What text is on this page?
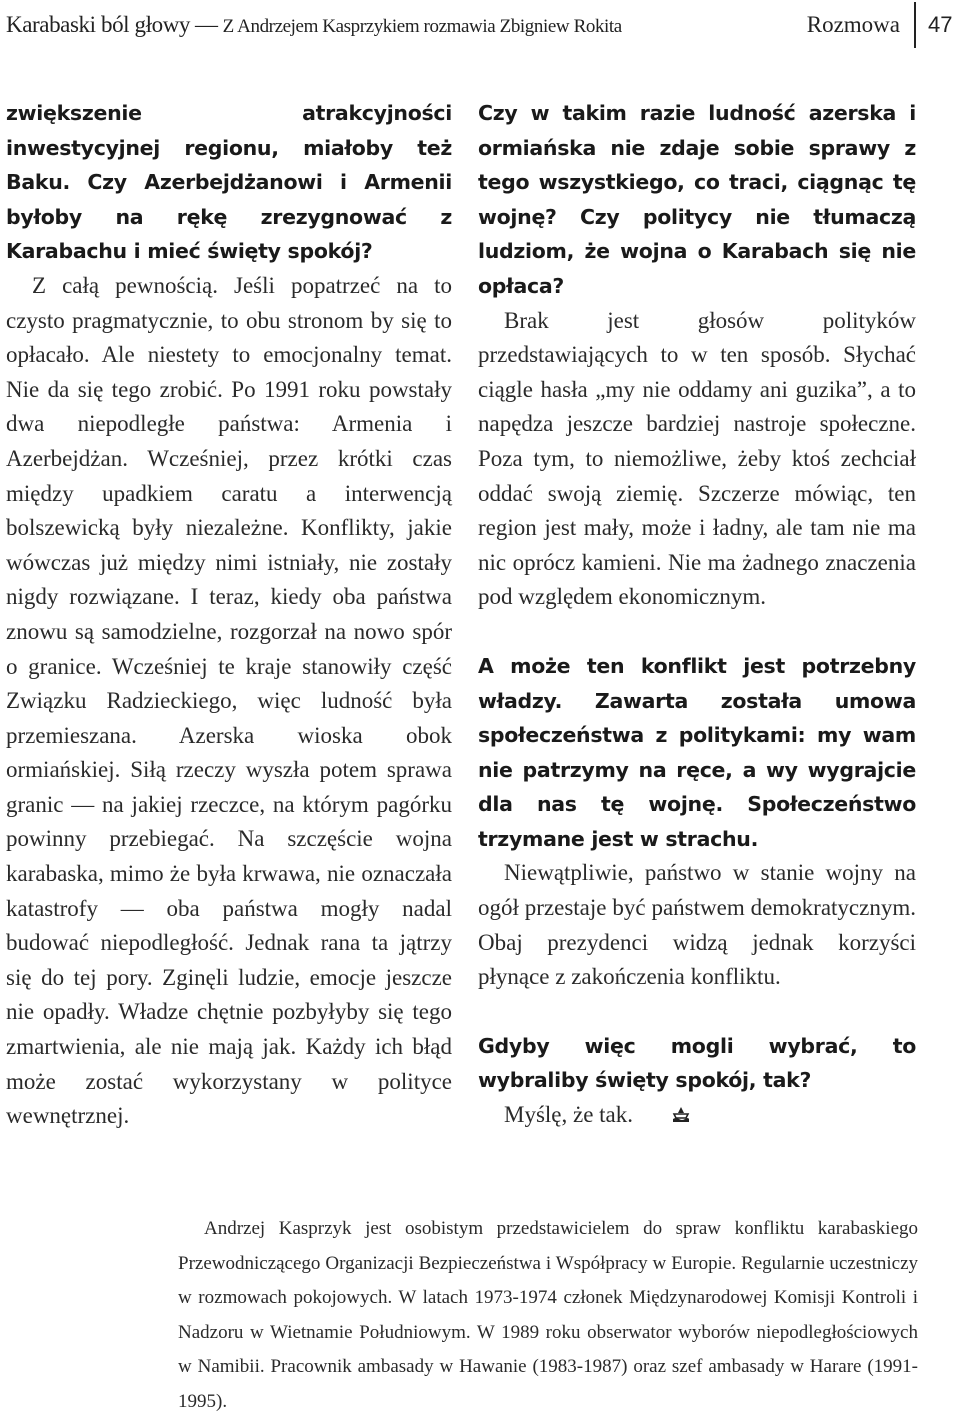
Karabaski ból głowy — Z Andrzejem Kasprzykiem rozmawia Zbigniew Rokita	Rozmowa 47

zwiększenie atrakcyjności inwestycyjnej regionu, miałoby też Baku. Czy Azerbejdżanowi i Armenii byłoby na rękę zrezygnować z Karabachu i mieć święty spokój?

Z całą pewnością. Jeśli popatrzeć na to czysto pragmatycznie, to obu stronom by się to opłacało. Ale niestety to emocjonalny temat. Nie da się tego zrobić. Po 1991 roku powstały dwa niepodległe państwa: Armenia i Azerbejdżan. Wcześniej, przez krótki czas między upadkiem caratu a interwencją bolszewicką były niezależne. Konflikty, jakie wówczas już między nimi istniały, nie zostały nigdy rozwiązane. I teraz, kiedy oba państwa znowu są samodzielne, rozgorzał na nowo spór o granice. Wcześniej te kraje stanowiły część Związku Radzieckiego, więc ludność była przemieszana. Azerska wioska obok ormiańskiej. Siłą rzeczy wyszła potem sprawa granic — na jakiej rzeczce, na którym pagórku powinny przebiegać. Na szczęście wojna karabaska, mimo że była krwawa, nie oznaczała katastrofy — oba państwa mogły nadal budować niepodległość. Jednak rana ta jątrzy się do tej pory. Zginęli ludzie, emocje jeszcze nie opadły. Władze chętnie pozbyłyby się tego zmartwienia, ale nie mają jak. Każdy ich błąd może zostać wykorzystany w polityce wewnętrznej.

Czy w takim razie ludność azerska i ormiańska nie zdaje sobie sprawy z tego wszystkiego, co traci, ciągnąc tę wojnę? Czy politycy nie tłumaczą ludziom, że wojna o Karabach się nie opłaca?

Brak jest głosów polityków przedstawiających to w ten sposób. Słychać ciągle hasła „my nie oddamy ani guzika”, a to napędza jeszcze bardziej nastroje społeczne. Poza tym, to niemożliwe, żeby ktoś zechciał oddać swoją ziemię. Szczerze mówiąc, ten region jest mały, może i ładny, ale tam nie ma nic oprócz kamieni. Nie ma żadnego znaczenia pod względem ekonomicznym.

A może ten konflikt jest potrzebny władzy. Zawarta została umowa społeczeństwa z politykami: my wam nie patrzymy na ręce, a wy wygrajcie dla nas tę wojnę. Społeczeństwo trzymane jest w strachu.

Niewątpliwie, państwo w stanie wojny na ogół przestaje być państwem demokratycznym. Obaj prezydenci widzą jednak korzyści płynące z zakończenia konfliktu.

Gdyby więc mogli wybrać, to wybraliby święty spokój, tak?

Myślę, że tak.

Andrzej Kasprzyk jest osobistym przedstawicielem do spraw konfliktu karabaskiego Przewodniczącego Organizacji Bezpieczeństwa i Współpracy w Europie. Regularnie uczestniczy w rozmowach pokojowych. W latach 1973-1974 członek Międzynarodowej Komisji Kontroli i Nadzoru w Wietnamie Południowym. W 1989 roku obserwator wyborów niepodległościowych w Namibii. Pracownik ambasady w Hawanie (1983-1987) oraz szef ambasady w Harare (1991-1995).
